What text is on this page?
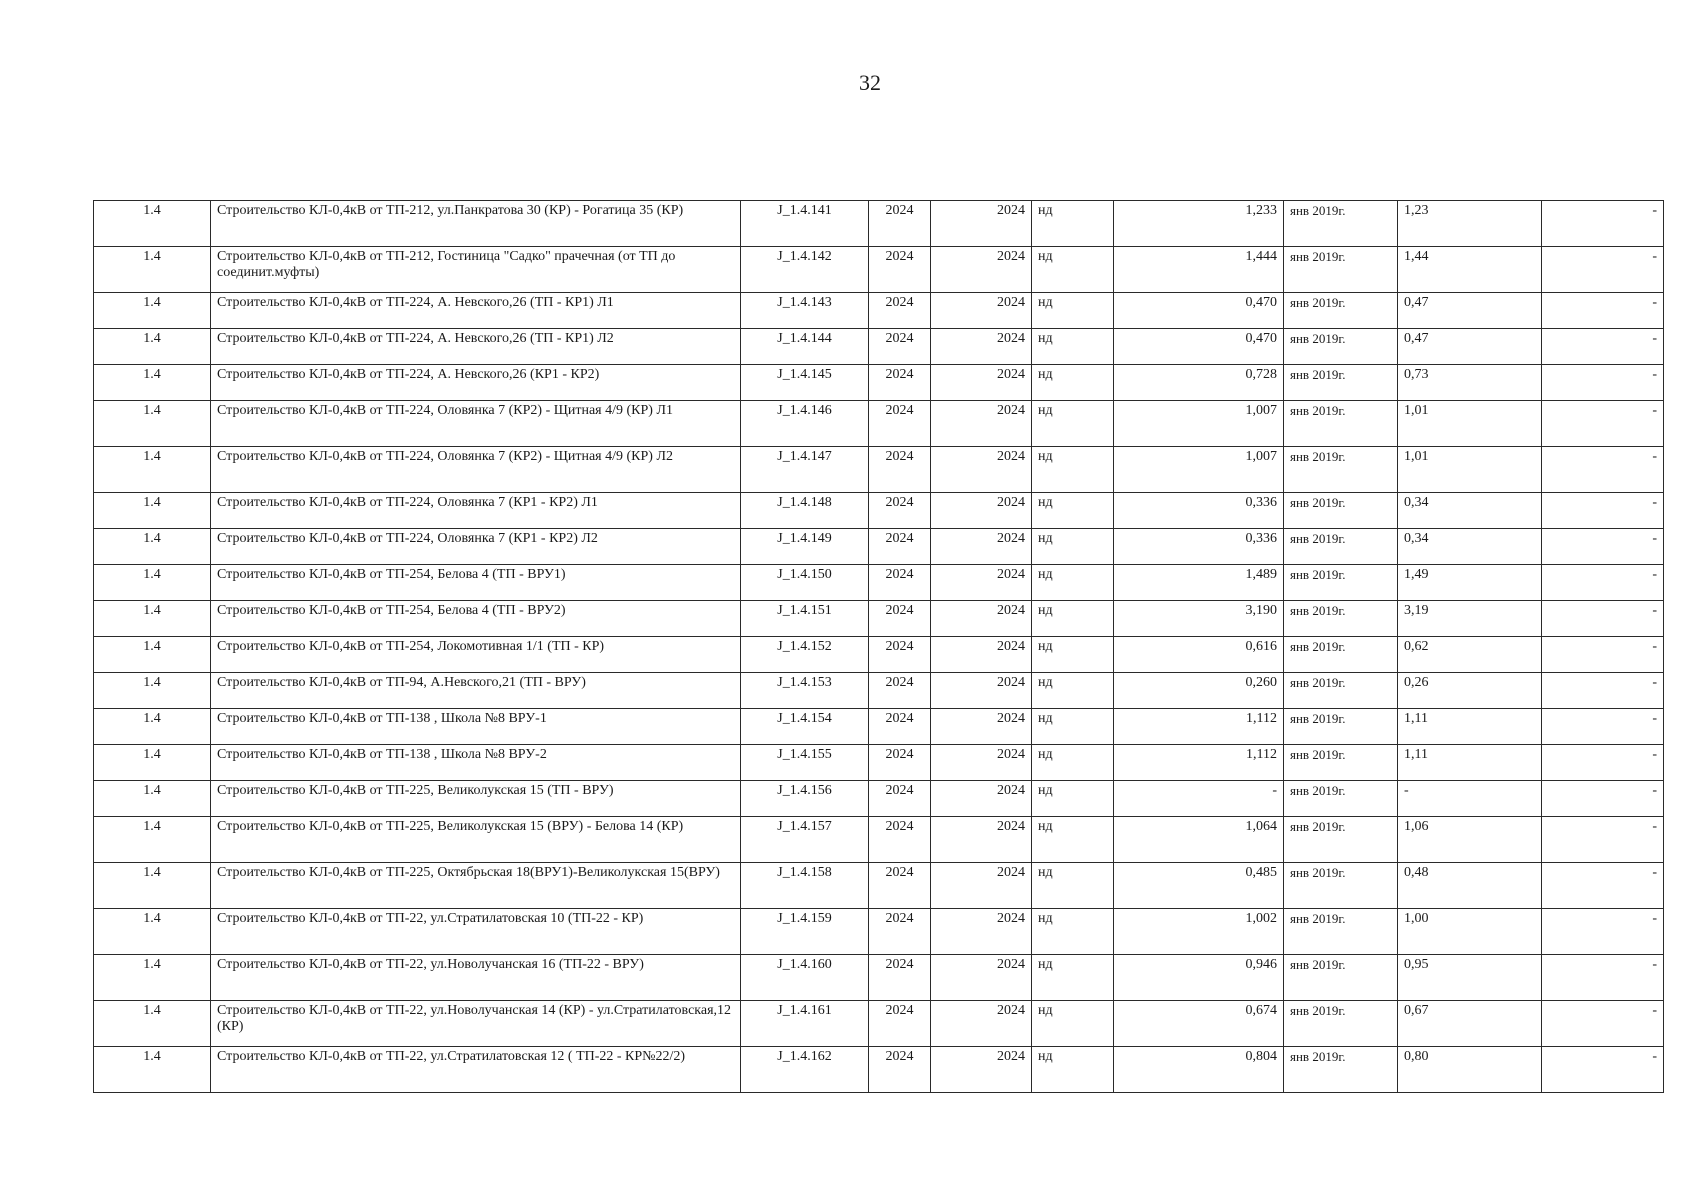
32
1.4	Строительство КЛ-0,4кВ от ТП-212, ул.Панкратова 30 (КР) - Рогатица 35 (КР)	J_1.4.141	2024	2024	нд	1,233	янв 2019г.	1,23	-
1.4	Строительство КЛ-0,4кВ от ТП-212, Гостиница "Садко" прачечная (от ТП до соединит.муфты)	J_1.4.142	2024	2024	нд	1,444	янв 2019г.	1,44	-
1.4	Строительство КЛ-0,4кВ от ТП-224, А. Невского,26 (ТП - КР1) Л1	J_1.4.143	2024	2024	нд	0,470	янв 2019г.	0,47	-
1.4	Строительство КЛ-0,4кВ от ТП-224, А. Невского,26 (ТП - КР1) Л2	J_1.4.144	2024	2024	нд	0,470	янв 2019г.	0,47	-
1.4	Строительство КЛ-0,4кВ от ТП-224, А. Невского,26 (КР1 - КР2)	J_1.4.145	2024	2024	нд	0,728	янв 2019г.	0,73	-
1.4	Строительство КЛ-0,4кВ от ТП-224, Оловянка 7 (КР2) - Щитная 4/9 (КР) Л1	J_1.4.146	2024	2024	нд	1,007	янв 2019г.	1,01	-
1.4	Строительство КЛ-0,4кВ от ТП-224, Оловянка 7 (КР2) - Щитная 4/9 (КР) Л2	J_1.4.147	2024	2024	нд	1,007	янв 2019г.	1,01	-
1.4	Строительство КЛ-0,4кВ от ТП-224, Оловянка 7 (КР1 - КР2) Л1	J_1.4.148	2024	2024	нд	0,336	янв 2019г.	0,34	-
1.4	Строительство КЛ-0,4кВ от ТП-224, Оловянка 7 (КР1 - КР2) Л2	J_1.4.149	2024	2024	нд	0,336	янв 2019г.	0,34	-
1.4	Строительство КЛ-0,4кВ от ТП-254, Белова 4 (ТП - ВРУ1)	J_1.4.150	2024	2024	нд	1,489	янв 2019г.	1,49	-
1.4	Строительство КЛ-0,4кВ от ТП-254, Белова 4 (ТП - ВРУ2)	J_1.4.151	2024	2024	нд	3,190	янв 2019г.	3,19	-
1.4	Строительство КЛ-0,4кВ от ТП-254, Локомотивная 1/1 (ТП - КР)	J_1.4.152	2024	2024	нд	0,616	янв 2019г.	0,62	-
1.4	Строительство КЛ-0,4кВ от ТП-94, А.Невского,21 (ТП - ВРУ)	J_1.4.153	2024	2024	нд	0,260	янв 2019г.	0,26	-
1.4	Строительство КЛ-0,4кВ от ТП-138 , Школа №8 ВРУ-1	J_1.4.154	2024	2024	нд	1,112	янв 2019г.	1,11	-
1.4	Строительство КЛ-0,4кВ от ТП-138 , Школа №8 ВРУ-2	J_1.4.155	2024	2024	нд	1,112	янв 2019г.	1,11	-
1.4	Строительство КЛ-0,4кВ от ТП-225, Великолукская 15 (ТП - ВРУ)	J_1.4.156	2024	2024	нд	-	янв 2019г.	-	-
1.4	Строительство КЛ-0,4кВ от ТП-225, Великолукская 15 (ВРУ) - Белова 14 (КР)	J_1.4.157	2024	2024	нд	1,064	янв 2019г.	1,06	-
1.4	Строительство КЛ-0,4кВ от ТП-225, Октябрьская 18(ВРУ1)-Великолукская 15(ВРУ)	J_1.4.158	2024	2024	нд	0,485	янв 2019г.	0,48	-
1.4	Строительство КЛ-0,4кВ от ТП-22, ул.Стратилатовская 10 (ТП-22 - КР)	J_1.4.159	2024	2024	нд	1,002	янв 2019г.	1,00	-
1.4	Строительство КЛ-0,4кВ от ТП-22, ул.Новолучанская 16 (ТП-22 - ВРУ)	J_1.4.160	2024	2024	нд	0,946	янв 2019г.	0,95	-
1.4	Строительство КЛ-0,4кВ от ТП-22, ул.Новолучанская 14 (КР) - ул.Стратилатовская,12 (КР)	J_1.4.161	2024	2024	нд	0,674	янв 2019г.	0,67	-
1.4	Строительство КЛ-0,4кВ от ТП-22, ул.Стратилатовская 12 ( ТП-22 - КР№22/2)	J_1.4.162	2024	2024	нд	0,804	янв 2019г.	0,80	-
